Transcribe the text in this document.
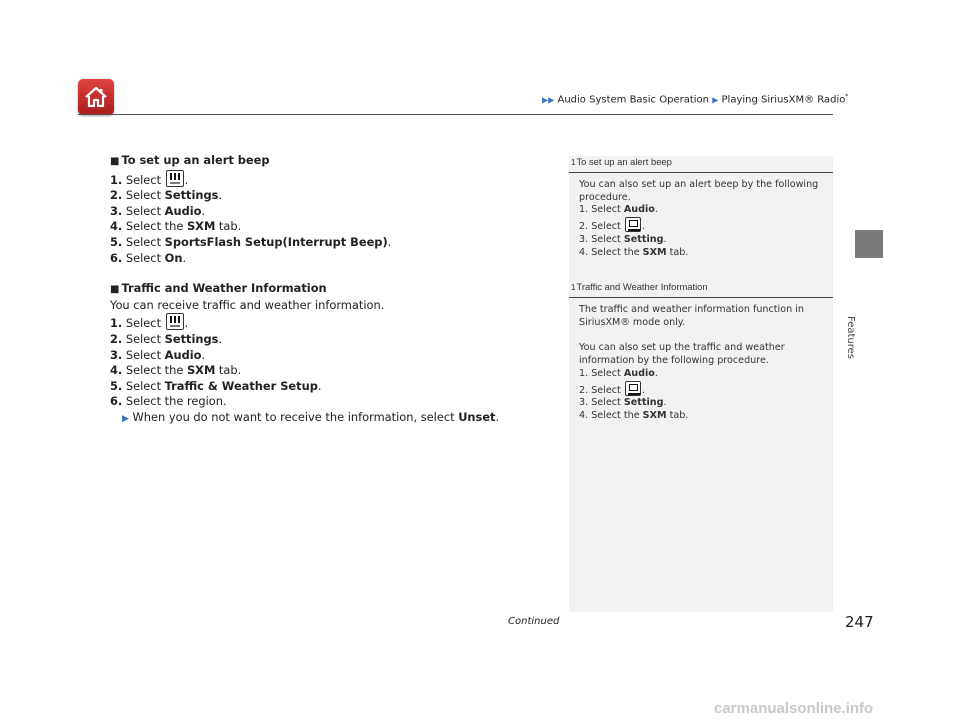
▶▶ Audio System Basic Operation ▶ Playing SiriusXM® Radio*
Features
■ To set up an alert beep
1. Select .
2. Select Settings.
3. Select Audio.
4. Select the SXM tab.
5. Select SportsFlash Setup(Interrupt Beep).
6. Select On.
■ Traffic and Weather Information
You can receive traffic and weather information.
1. Select .
2. Select Settings.
3. Select Audio.
4. Select the SXM tab.
5. Select Traffic & Weather Setup.
6. Select the region.
▶ When you do not want to receive the information, select Unset.
1To set up an alert beep
You can also set up an alert beep by the following procedure.
1. Select Audio.
2. Select .
3. Select Setting.
4. Select the SXM tab.
1Traffic and Weather Information
The traffic and weather information function in SiriusXM® mode only.
You can also set up the traffic and weather information by the following procedure.
1. Select Audio.
2. Select .
3. Select Setting.
4. Select the SXM tab.
Continued	247
carmanualsonline.info
